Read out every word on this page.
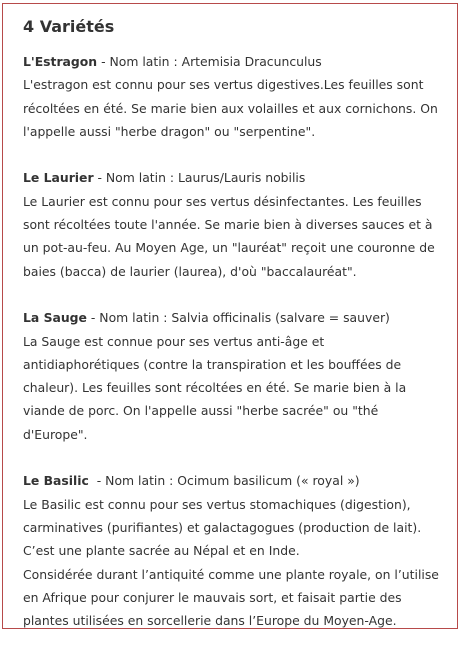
4 Variétés
L'Estragon - Nom latin : Artemisia Dracunculus
L'estragon est connu pour ses vertus digestives.Les feuilles sont récoltées en été. Se marie bien aux volailles et aux cornichons. On l'appelle aussi "herbe dragon" ou "serpentine".
Le Laurier - Nom latin : Laurus/Lauris nobilis
Le Laurier est connu pour ses vertus désinfectantes. Les feuilles sont récoltées toute l'année. Se marie bien à diverses sauces et à un pot-au-feu. Au Moyen Age, un "lauréat" reçoit une couronne de baies (bacca) de laurier (laurea), d'où "baccalauréat".
La Sauge - Nom latin : Salvia officinalis (salvare = sauver)
La Sauge est connue pour ses vertus anti-âge et antidiaphorétiques (contre la transpiration et les bouffées de chaleur). Les feuilles sont récoltées en été. Se marie bien à la viande de porc. On l'appelle aussi "herbe sacrée" ou "thé d'Europe".
Le Basilic  - Nom latin : Ocimum basilicum (« royal »)
Le Basilic est connu pour ses vertus stomachiques (digestion), carminatives (purifiantes) et galactagogues (production de lait).
C’est une plante sacrée au Népal et en Inde.
Considérée durant l’antiquité comme une plante royale, on l’utilise en Afrique pour conjurer le mauvais sort, et faisait partie des plantes utilisées en sorcellerie dans l’Europe du Moyen-Age.
